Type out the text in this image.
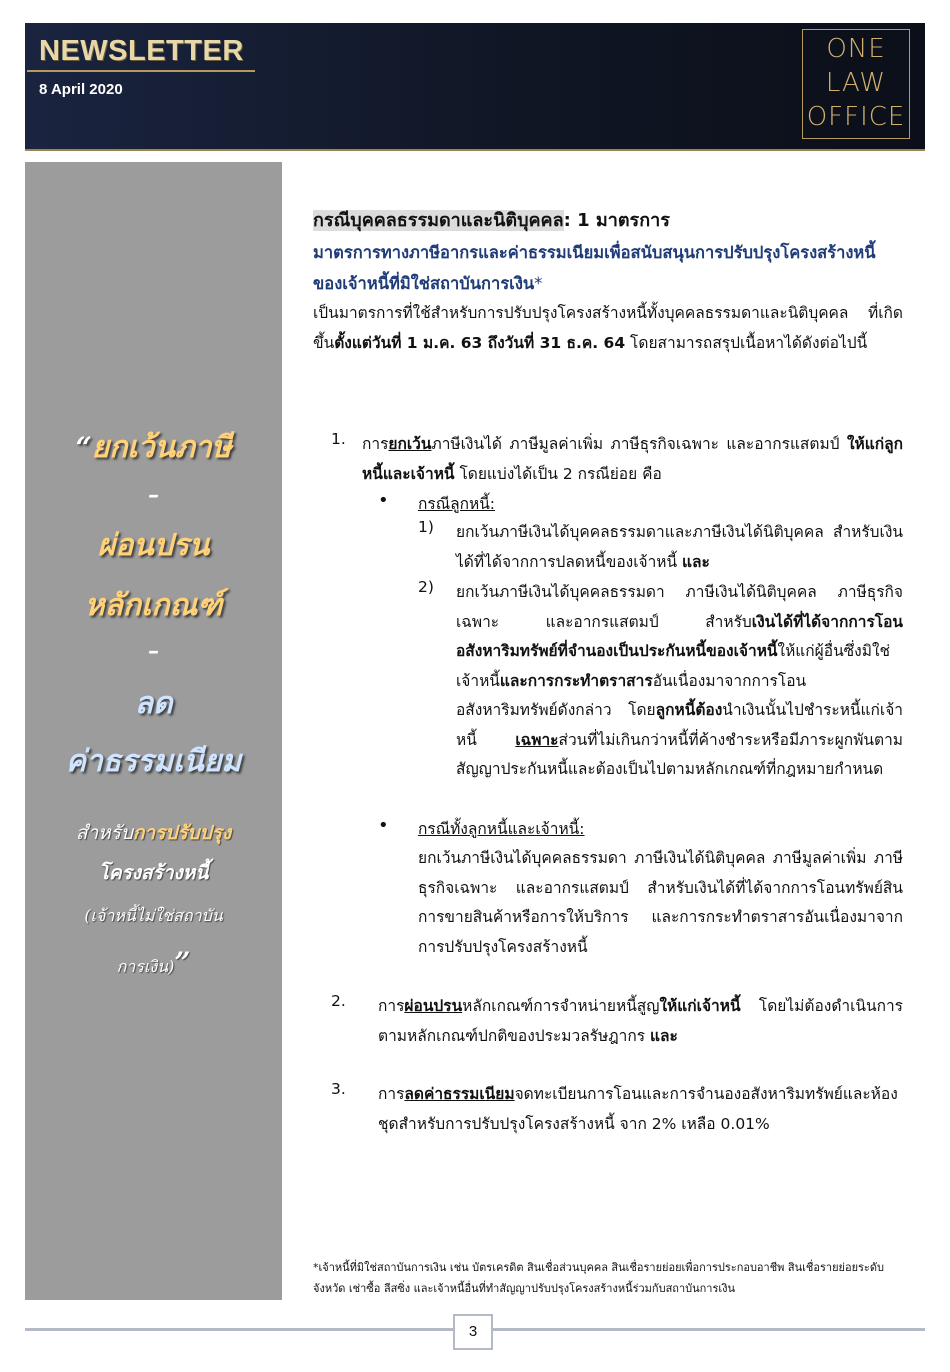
NEWSLETTER
8 April 2020
ONE
LAW
OFFICE
“ยกเว้นภาษี
–
ผ่อนปรน
หลักเกณฑ์
–
ลด
ค่าธรรมเนียม
สำหรับการปรับปรุง
โครงสร้างหนี้
(เจ้าหนี้ไม่ใช่สถาบัน
การเงิน)”
กรณีบุคคลธรรมดาและนิติบุคคล: 1 มาตรการ
มาตรการทางภาษีอากรและค่าธรรมเนียมเพื่อสนับสนุนการปรับปรุงโครงสร้างหนี้ของเจ้าหนี้ที่มิใช่สถาบันการเงิน*
เป็นมาตรการที่ใช้สำหรับการปรับปรุงโครงสร้างหนี้ทั้งบุคคลธรรมดาและนิติบุคคล ที่เกิดขึ้นตั้งแต่วันที่ 1 ม.ค. 63 ถึงวันที่ 31 ธ.ค. 64 โดยสามารถสรุปเนื้อหาได้ดังต่อไปนี้
1. การยกเว้นภาษีเงินได้ ภาษีมูลค่าเพิ่ม ภาษีธุรกิจเฉพาะ และอากรแสตมป์ ให้แก่ลูกหนี้และเจ้าหนี้ โดยแบ่งได้เป็น 2 กรณีย่อย คือ
• กรณีลูกหนี้:
1) ยกเว้นภาษีเงินได้บุคคลธรรมดาและภาษีเงินได้นิติบุคคล สำหรับเงินได้ที่ได้จากการปลดหนี้ของเจ้าหนี้ และ
2) ยกเว้นภาษีเงินได้บุคคลธรรมดา ภาษีเงินได้นิติบุคคล ภาษีธุรกิจเฉพาะ และอากรแสตมป์ สำหรับเงินได้ที่ได้จากการโอนอสังหาริมทรัพย์ที่จำนองเป็นประกันหนี้ของเจ้าหนี้ให้แก่ผู้อื่นซึ่งมิใช่เจ้าหนี้และการกระทำตราสารอันเนื่องมาจากการโอนอสังหาริมทรัพย์ดังกล่าว โดยลูกหนี้ต้องนำเงินนั้นไปชำระหนี้แก่เจ้าหนี้ เฉพาะส่วนที่ไม่เกินกว่าหนี้ที่ค้างชำระหรือมีภาระผูกพันตามสัญญาประกันหนี้และต้องเป็นไปตามหลักเกณฑ์ที่กฎหมายกำหนด
• กรณีทั้งลูกหนี้และเจ้าหนี้:
ยกเว้นภาษีเงินได้บุคคลธรรมดา ภาษีเงินได้นิติบุคคล ภาษีมูลค่าเพิ่ม ภาษีธุรกิจเฉพาะ และอากรแสตมป์ สำหรับเงินได้ที่ได้จากการโอนทรัพย์สิน การขายสินค้าหรือการให้บริการ และการกระทำตราสารอันเนื่องมาจากการปรับปรุงโครงสร้างหนี้
2. การผ่อนปรนหลักเกณฑ์การจำหน่ายหนี้สูญให้แก่เจ้าหนี้ โดยไม่ต้องดำเนินการตามหลักเกณฑ์ปกติของประมวลรัษฎากร และ
3. การลดค่าธรรมเนียมจดทะเบียนการโอนและการจำนองอสังหาริมทรัพย์และห้องชุดสำหรับการปรับปรุงโครงสร้างหนี้ จาก 2% เหลือ 0.01%
*เจ้าหนี้ที่มิใช่สถาบันการเงิน เช่น บัตรเครดิต สินเชื่อส่วนบุคคล สินเชื่อรายย่อยเพื่อการประกอบอาชีพ สินเชื่อรายย่อยระดับจังหวัด เช่าซื้อ ลีสซิ่ง และเจ้าหนี้อื่นที่ทำสัญญาปรับปรุงโครงสร้างหนี้ร่วมกับสถาบันการเงิน
3
